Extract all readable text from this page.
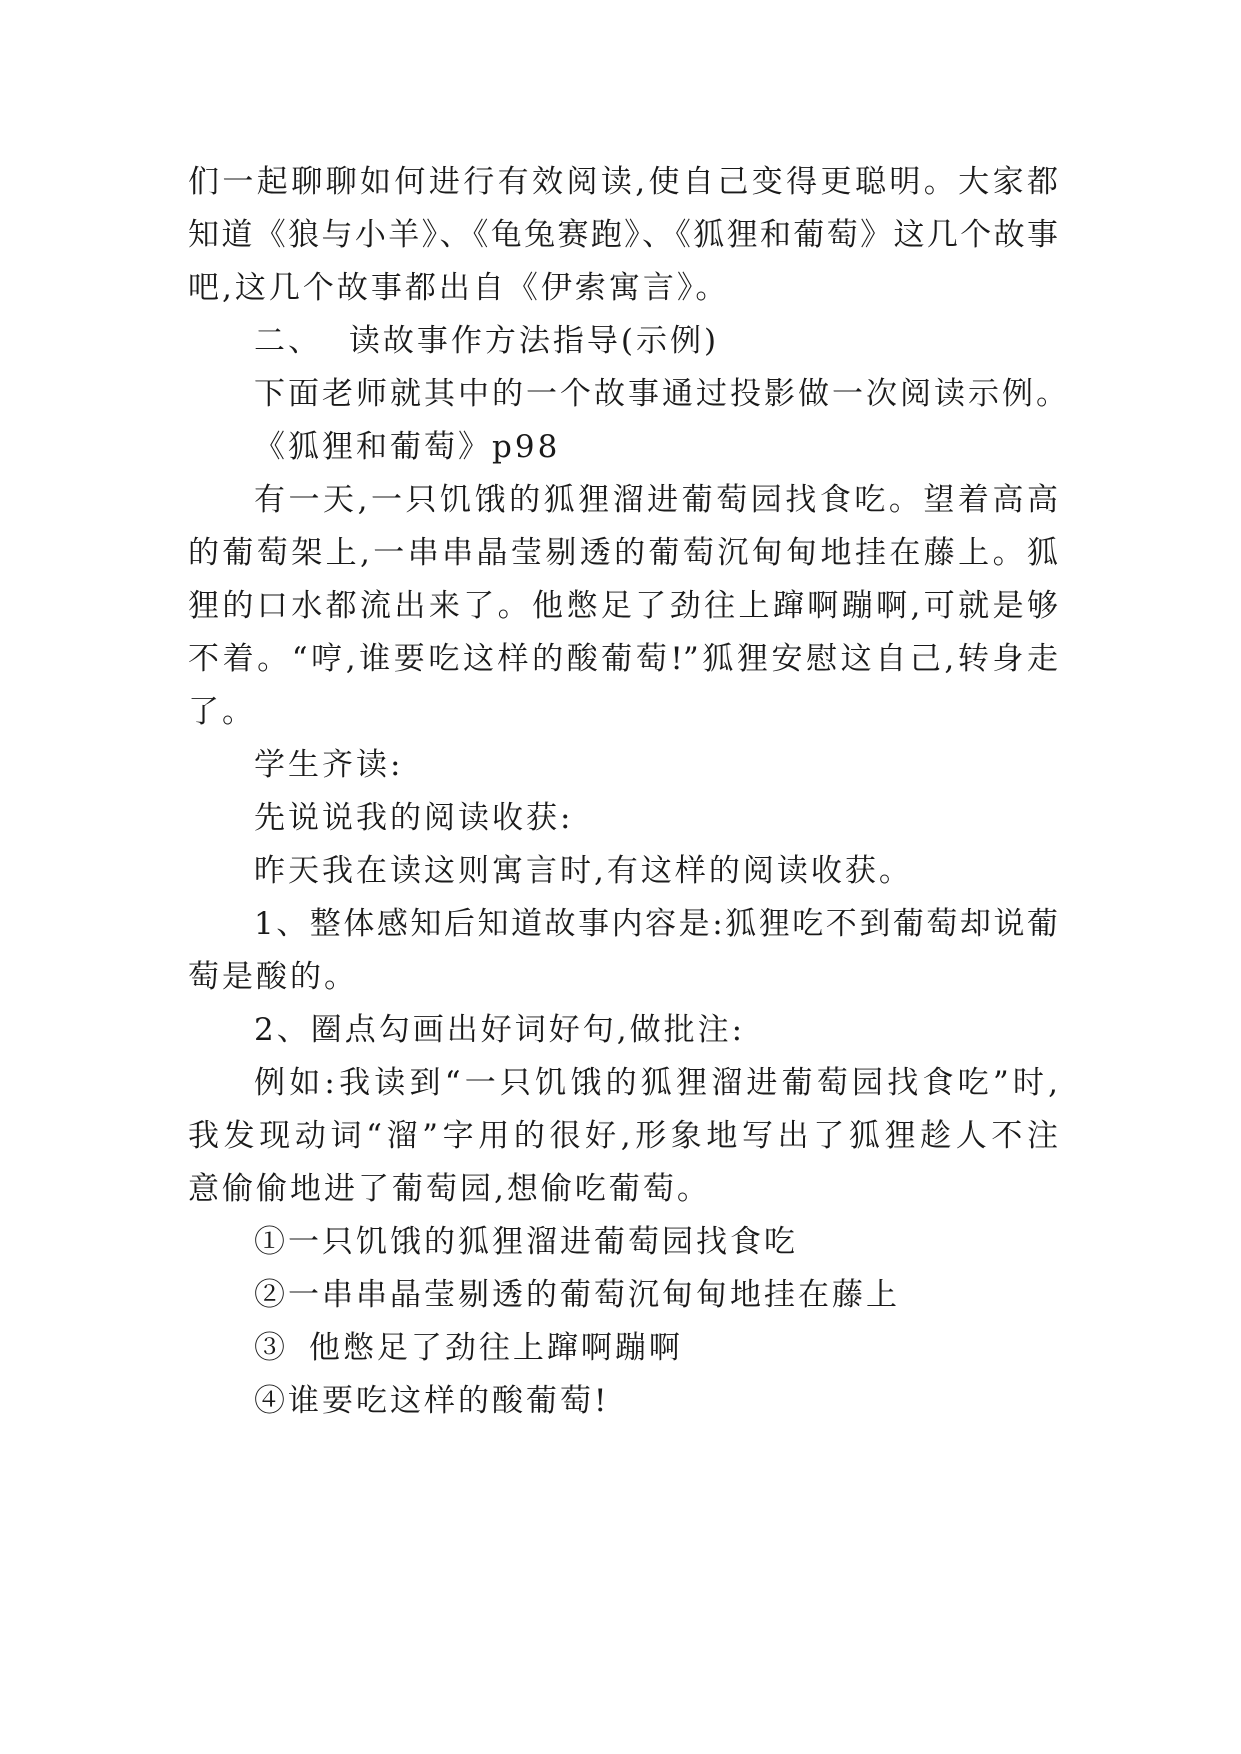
们一起聊聊如何进行有效阅读,使自己变得更聪明。大家都
知道《狼与小羊》、《龟兔赛跑》、《狐狸和葡萄》这几个故事
吧,这几个故事都出自《伊索寓言》。
二、 读故事作方法指导(示例)
下面老师就其中的一个故事通过投影做一次阅读示例。
《狐狸和葡萄》p98
有一天,一只饥饿的狐狸溜进葡萄园找食吃。望着高高
的葡萄架上,一串串晶莹剔透的葡萄沉甸甸地挂在藤上。狐
狸的口水都流出来了。他憋足了劲往上蹿啊蹦啊,可就是够
不着。“哼,谁要吃这样的酸葡萄!”狐狸安慰这自己,转身走
了。
学生齐读:
先说说我的阅读收获:
昨天我在读这则寓言时,有这样的阅读收获。
1、整体感知后知道故事内容是:狐狸吃不到葡萄却说葡
萄是酸的。
2、圈点勾画出好词好句,做批注:
例如:我读到“一只饥饿的狐狸溜进葡萄园找食吃”时,
我发现动词“溜”字用的很好,形象地写出了狐狸趁人不注
意偷偷地进了葡萄园,想偷吃葡萄。
①一只饥饿的狐狸溜进葡萄园找食吃
②一串串晶莹剔透的葡萄沉甸甸地挂在藤上
③ 他憋足了劲往上蹿啊蹦啊
④谁要吃这样的酸葡萄!
